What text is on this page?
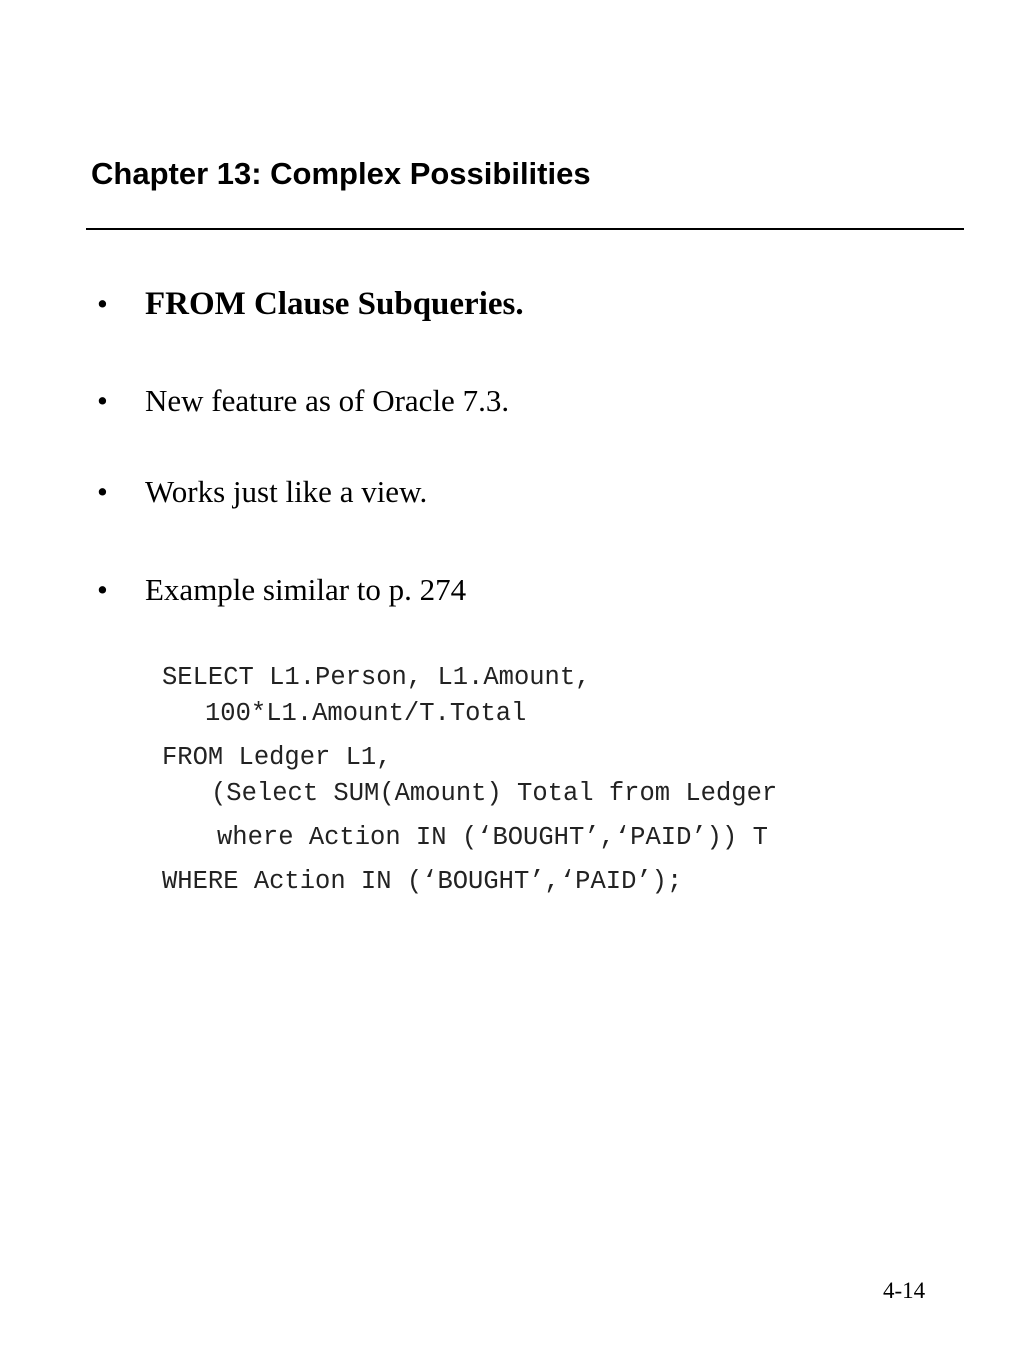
Chapter 13: Complex Possibilities
• FROM Clause Subqueries.
• New feature as of Oracle 7.3.
• Works just like a view.
• Example similar to p. 274
SELECT L1.Person, L1.Amount,
100*L1.Amount/T.Total
FROM Ledger L1,
(Select SUM(Amount) Total from Ledger
where Action IN (‘BOUGHT’,‘PAID’)) T
WHERE Action IN (‘BOUGHT’,‘PAID’);
4-14
